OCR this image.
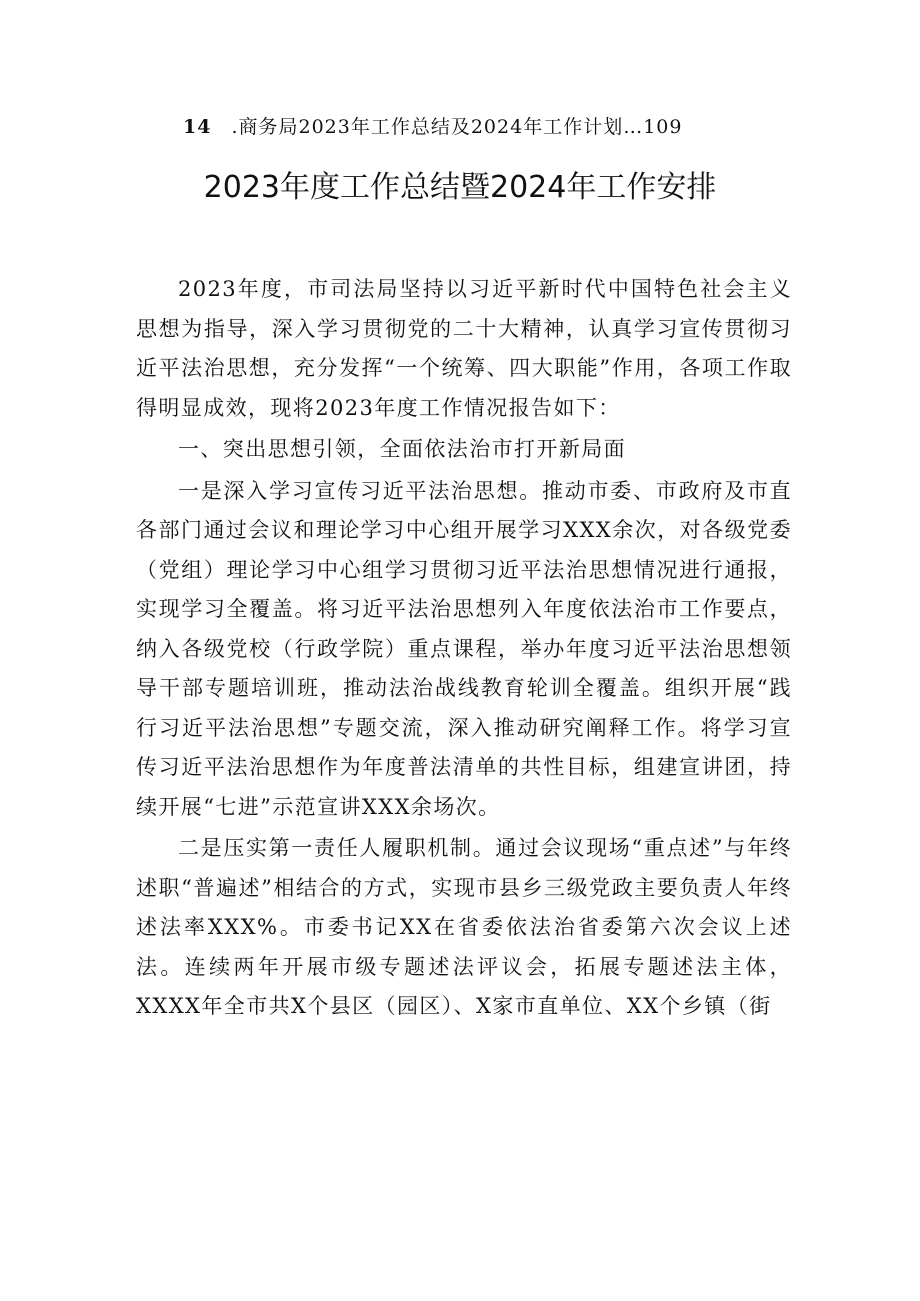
14 .商务局2023年工作总结及2024年工作计划…109
2023年度工作总结暨2024年工作安排

2023年度，市司法局坚持以习近平新时代中国特色社会主义思想为指导，深入学习贯彻党的二十大精神，认真学习宣传贯彻习近平法治思想，充分发挥“一个统筹、四大职能”作用，各项工作取得明显成效，现将2023年度工作情况报告如下：

一、突出思想引领，全面依法治市打开新局面

一是深入学习宣传习近平法治思想。推动市委、市政府及市直各部门通过会议和理论学习中心组开展学习XXX余次，对各级党委（党组）理论学习中心组学习贯彻习近平法治思想情况进行通报，实现学习全覆盖。将习近平法治思想列入年度依法治市工作要点，纳入各级党校（行政学院）重点课程，举办年度习近平法治思想领导干部专题培训班，推动法治战线教育轮训全覆盖。组织开展“践行习近平法治思想”专题交流，深入推动研究阐释工作。将学习宣传习近平法治思想作为年度普法清单的共性目标，组建宣讲团，持续开展“七进”示范宣讲XXX余场次。

二是压实第一责任人履职机制。通过会议现场“重点述”与年终述职“普遍述”相结合的方式，实现市县乡三级党政主要负责人年终述法率XXX%。市委书记XX在省委依法治省委第六次会议上述法。连续两年开展市级专题述法评议会，拓展专题述法主体，XXXX年全市共X个县区（园区）、X家市直单位、XX个乡镇（街
